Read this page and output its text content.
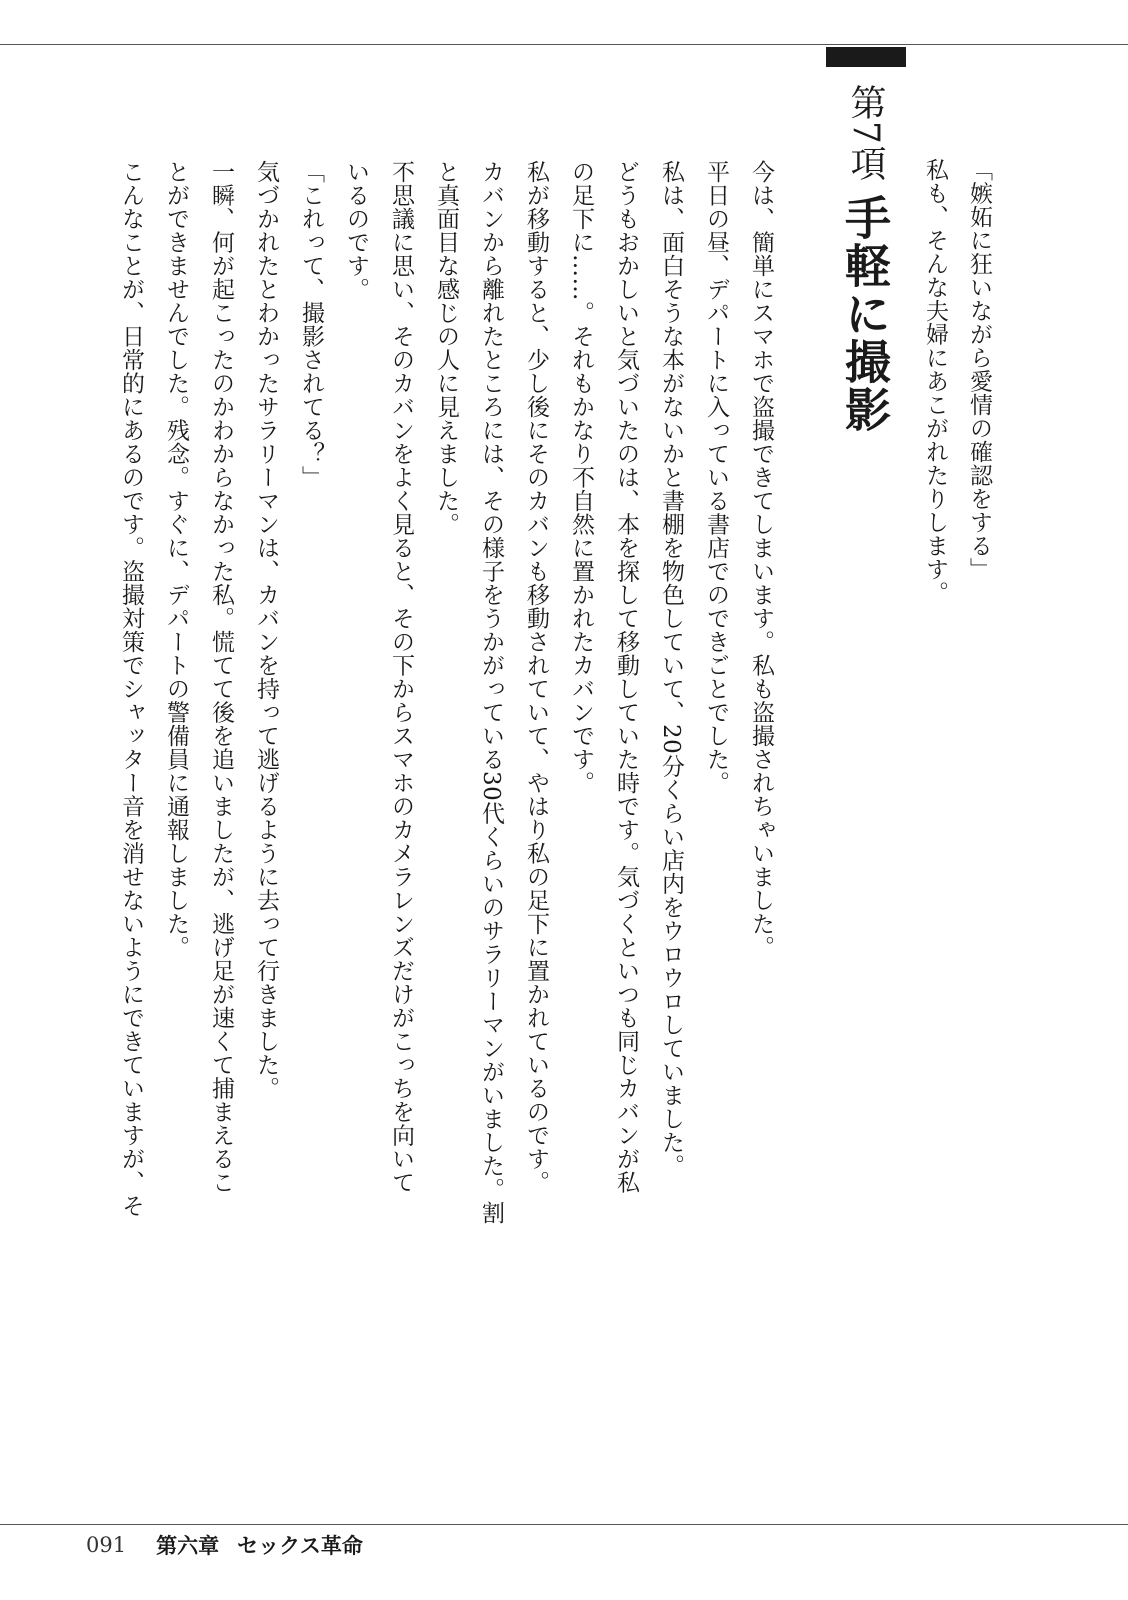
第7項手軽に撮影	「嫉妬に狂いながら愛情の確認をする」
私も、そんな夫婦にあこがれたりします。
今は、簡単にスマホで盗撮できてしまいます。私も盗撮されちゃいました。
平日の昼、デパートに入っている書店でのできごとでした。
私は、面白そうな本がないかと書棚を物色していて、20分くらい店内をウロウロしていました。
どうもおかしいと気づいたのは、本を探して移動していた時です。気づくといつも同じカバンが私
の足下に……。それもかなり不自然に置かれたカバンです。
私が移動すると、少し後にそのカバンも移動されていて、やはり私の足下に置かれているのです。
カバンから離れたところには、その様子をうかがっている30代くらいのサラリーマンがいました。割
と真面目な感じの人に見えました。
不思議に思い、そのカバンをよく見ると、その下からスマホのカメラレンズだけがこっちを向いて
いるのです。
「これって、撮影されてる？」
気づかれたとわかったサラリーマンは、カバンを持って逃げるように去って行きました。
一瞬、何が起こったのかわからなかった私。慌てて後を追いましたが、逃げ足が速くて捕まえるこ
とができませんでした。残念。すぐに、デパートの警備員に通報しました。
こんなことが、日常的にあるのです。盗撮対策でシャッター音を消せないようにできていますが、そ
091 第六章 セックス革命
